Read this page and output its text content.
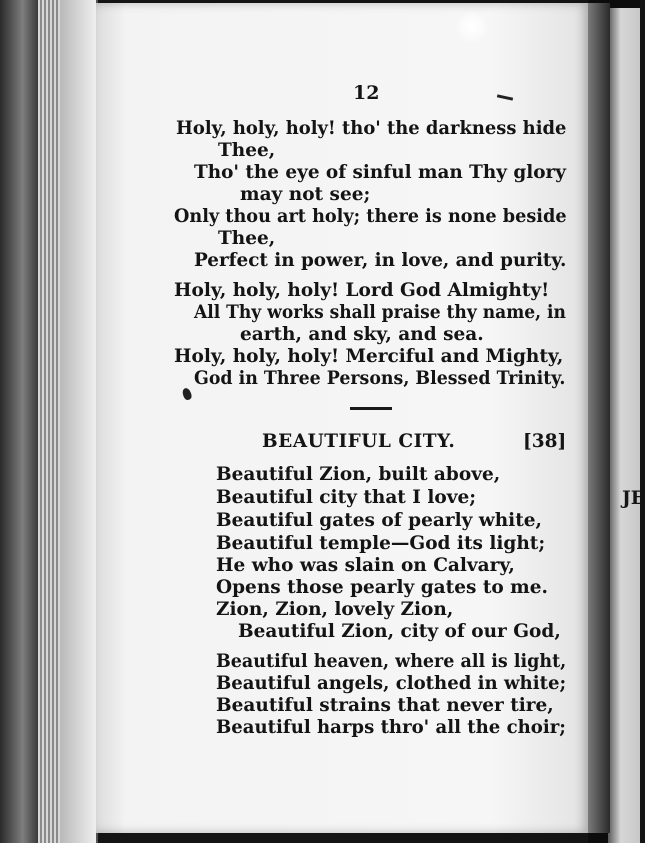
JE
12
Holy, holy, holy! tho' the darkness hide
Thee,
Tho' the eye of sinful man Thy glory
may not see;
Only thou art holy; there is none beside
Thee,
Perfect in power, in love, and purity.
Holy, holy, holy! Lord God Almighty!
All Thy works shall praise thy name, in
earth, and sky, and sea.
Holy, holy, holy! Merciful and Mighty,
God in Three Persons, Blessed Trinity.
BEAUTIFUL CITY.	[38]
Beautiful Zion, built above,
Beautiful city that I love;
Beautiful gates of pearly white,
Beautiful temple—God its light;
He who was slain on Calvary,
Opens those pearly gates to me.
Zion, Zion, lovely Zion,
Beautiful Zion, city of our God,
Beautiful heaven, where all is light,
Beautiful angels, clothed in white;
Beautiful strains that never tire,
Beautiful harps thro' all the choir;
